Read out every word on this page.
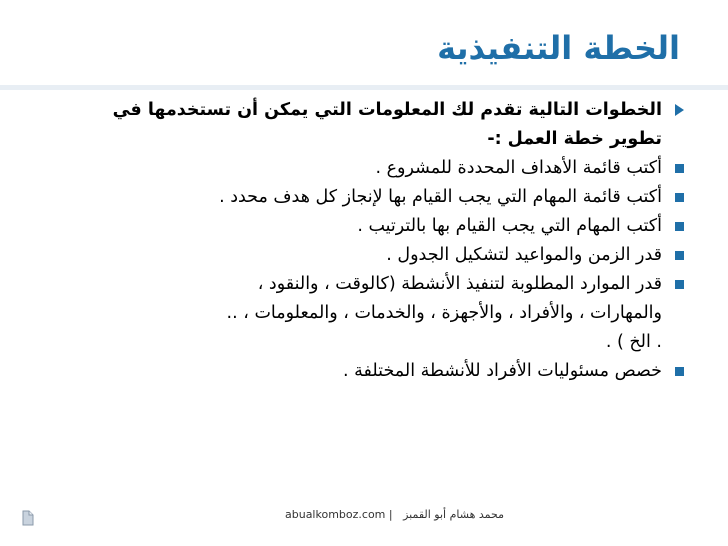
الخطة التنفيذية
الخطوات التالية تقدم لك المعلومات التي يمكن أن تستخدمها في
تطوير خطة العمل :-
أكتب قائمة الأهداف المحددة للمشروع .
أكتب قائمة المهام التي يجب القيام بها لإنجاز كل هدف محدد .
أكتب المهام التي يجب القيام بها بالترتيب .
قدر الزمن والمواعيد لتشكيل الجدول .
قدر الموارد المطلوبة لتنفيذ الأنشطة (كالوقت ، والنقود ،
والمهارات ، والأفراد ، والأجهزة ، والخدمات ، والمعلومات ، ..
. الخ ) .
خصص مسئوليات الأفراد للأنشطة المختلفة .
abualkomboz.com | محمد هشام أبو القمبز
